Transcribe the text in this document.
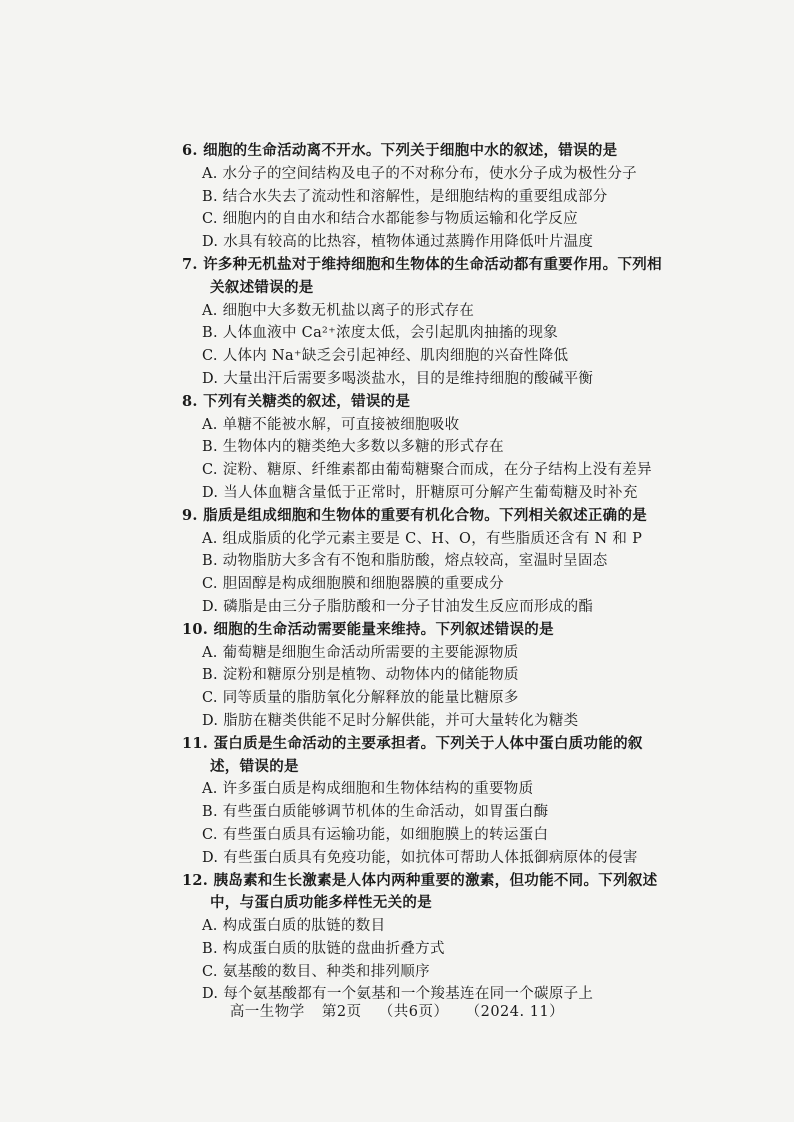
6. 细胞的生命活动离不开水。下列关于细胞中水的叙述，错误的是
A. 水分子的空间结构及电子的不对称分布，使水分子成为极性分子
B. 结合水失去了流动性和溶解性，是细胞结构的重要组成部分
C. 细胞内的自由水和结合水都能参与物质运输和化学反应
D. 水具有较高的比热容，植物体通过蒸腾作用降低叶片温度
7. 许多种无机盐对于维持细胞和生物体的生命活动都有重要作用。下列相关叙述错误的是
A. 细胞中大多数无机盐以离子的形式存在
B. 人体血液中 Ca²⁺浓度太低，会引起肌肉抽搐的现象
C. 人体内 Na⁺缺乏会引起神经、肌肉细胞的兴奋性降低
D. 大量出汗后需要多喝淡盐水，目的是维持细胞的酸碱平衡
8. 下列有关糖类的叙述，错误的是
A. 单糖不能被水解，可直接被细胞吸收
B. 生物体内的糖类绝大多数以多糖的形式存在
C. 淀粉、糖原、纤维素都由葡萄糖聚合而成，在分子结构上没有差异
D. 当人体血糖含量低于正常时，肝糖原可分解产生葡萄糖及时补充
9. 脂质是组成细胞和生物体的重要有机化合物。下列相关叙述正确的是
A. 组成脂质的化学元素主要是 C、H、O，有些脂质还含有 N 和 P
B. 动物脂肪大多含有不饱和脂肪酸，熔点较高，室温时呈固态
C. 胆固醇是构成细胞膜和细胞器膜的重要成分
D. 磷脂是由三分子脂肪酸和一分子甘油发生反应而形成的酯
10. 细胞的生命活动需要能量来维持。下列叙述错误的是
A. 葡萄糖是细胞生命活动所需要的主要能源物质
B. 淀粉和糖原分别是植物、动物体内的储能物质
C. 同等质量的脂肪氧化分解释放的能量比糖原多
D. 脂肪在糖类供能不足时分解供能，并可大量转化为糖类
11. 蛋白质是生命活动的主要承担者。下列关于人体中蛋白质功能的叙述，错误的是
A. 许多蛋白质是构成细胞和生物体结构的重要物质
B. 有些蛋白质能够调节机体的生命活动，如胃蛋白酶
C. 有些蛋白质具有运输功能，如细胞膜上的转运蛋白
D. 有些蛋白质具有免疫功能，如抗体可帮助人体抵御病原体的侵害
12. 胰岛素和生长激素是人体内两种重要的激素，但功能不同。下列叙述中，与蛋白质功能多样性无关的是
A. 构成蛋白质的肽链的数目
B. 构成蛋白质的肽链的盘曲折叠方式
C. 氨基酸的数目、种类和排列顺序
D. 每个氨基酸都有一个氨基和一个羧基连在同一个碳原子上
高一生物学 第2页 （共6页） （2024. 11）
